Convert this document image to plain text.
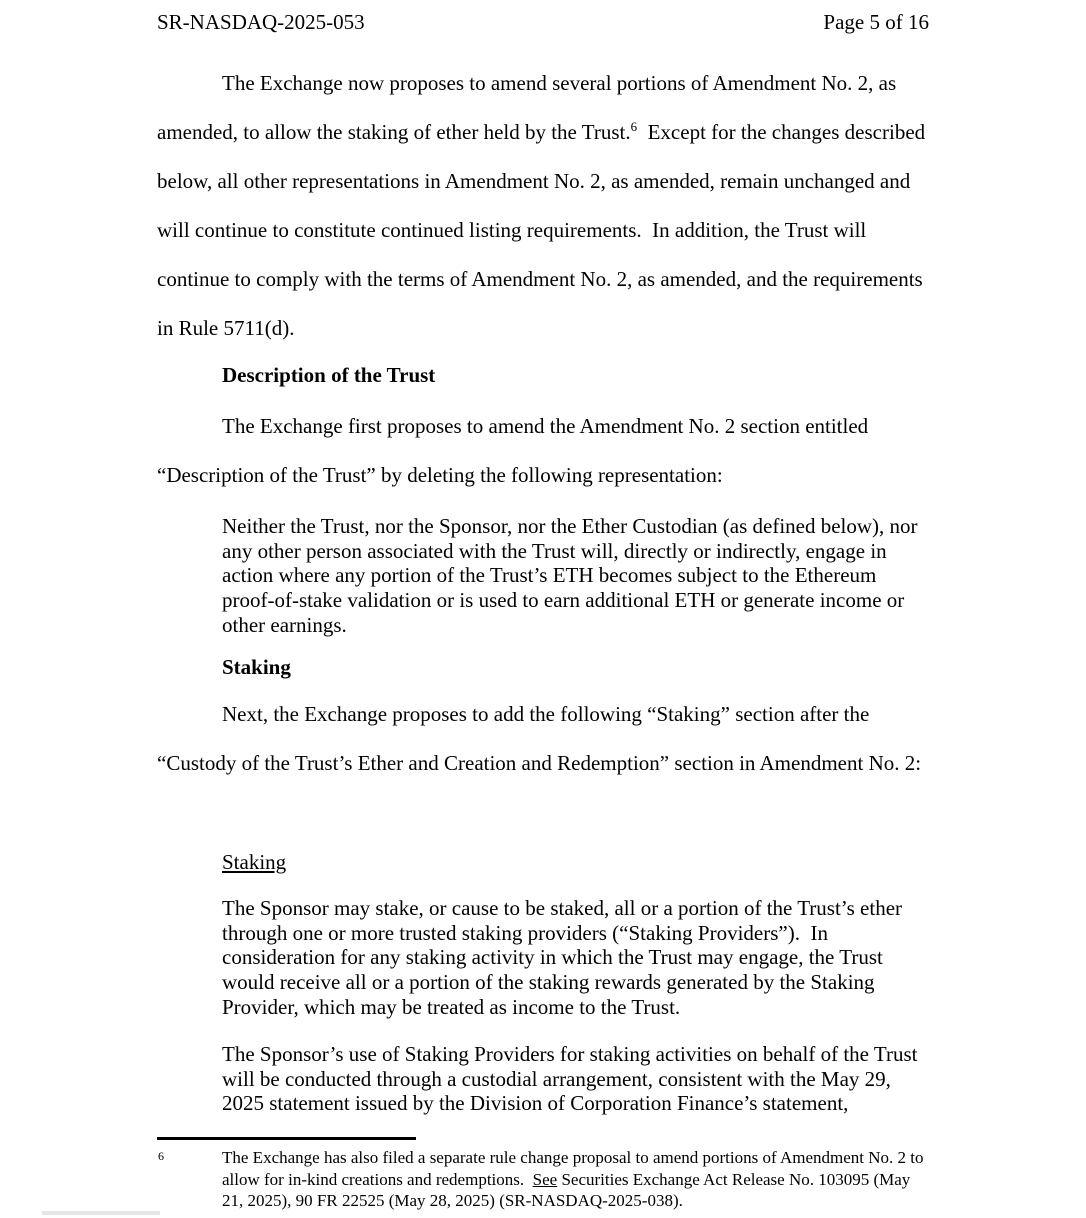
SR-NASDAQ-2025-053	Page 5 of 16
The Exchange now proposes to amend several portions of Amendment No. 2, as amended, to allow the staking of ether held by the Trust.$^6$  Except for the changes described below, all other representations in Amendment No. 2, as amended, remain unchanged and will continue to constitute continued listing requirements.  In addition, the Trust will continue to comply with the terms of Amendment No. 2, as amended, and the requirements in Rule 5711(d).
Description of the Trust
The Exchange first proposes to amend the Amendment No. 2 section entitled “Description of the Trust” by deleting the following representation:
Neither the Trust, nor the Sponsor, nor the Ether Custodian (as defined below), nor any other person associated with the Trust will, directly or indirectly, engage in action where any portion of the Trust’s ETH becomes subject to the Ethereum proof-of-stake validation or is used to earn additional ETH or generate income or other earnings.
Staking
Next, the Exchange proposes to add the following “Staking” section after the “Custody of the Trust’s Ether and Creation and Redemption” section in Amendment No. 2:
Staking
The Sponsor may stake, or cause to be staked, all or a portion of the Trust’s ether through one or more trusted staking providers (“Staking Providers”).  In consideration for any staking activity in which the Trust may engage, the Trust would receive all or a portion of the staking rewards generated by the Staking Provider, which may be treated as income to the Trust.
The Sponsor’s use of Staking Providers for staking activities on behalf of the Trust will be conducted through a custodial arrangement, consistent with the May 29, 2025 statement issued by the Division of Corporation Finance’s statement,
6	The Exchange has also filed a separate rule change proposal to amend portions of Amendment No. 2 to allow for in-kind creations and redemptions.  See Securities Exchange Act Release No. 103095 (May 21, 2025), 90 FR 22525 (May 28, 2025) (SR-NASDAQ-2025-038).
